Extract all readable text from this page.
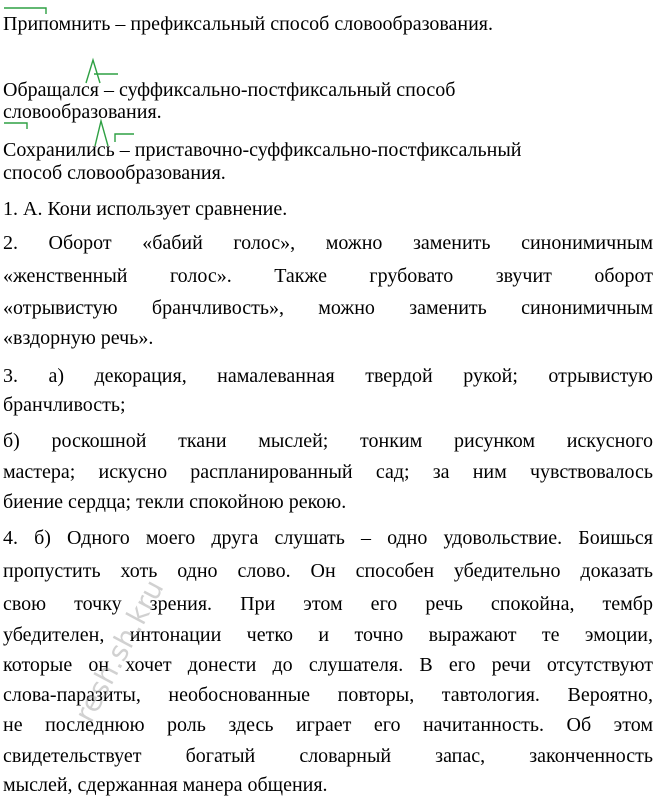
Припомнить – префиксальный способ словообразования.
Обращался – суффиксально-постфиксальный способ
словообразования.
Сохранились – приставочно-суффиксально-постфиксальный
способ словообразования.
1. А. Кони использует сравнение.
2. Оборот «бабий голос», можно заменить синонимичным
«женственный голос». Также грубовато звучит оборот
«отрывистую бранчливость», можно заменить синонимичным
«вздорную речь».
3. а) декорация, намалеванная твердой рукой; отрывистую
бранчливость;
б) роскошной ткани мыслей; тонким рисунком искусного
мастера; искусно распланированный сад; за ним чувствовалось
биение сердца; текли спокойною рекою.
4. б) Одного моего друга слушать – одно удовольствие. Боишься
пропустить хоть одно слово. Он способен убедительно доказать
свою точку зрения. При этом его речь спокойна, тембр
убедителен, интонации четко и точно выражают те эмоции,
которые он хочет донести до слушателя. В его речи отсутствуют
слова-паразиты, необоснованные повторы, тавтология. Вероятно,
не последнюю роль здесь играет его начитанность. Об этом
свидетельствует богатый словарный запас, законченность
мыслей, сдержанная манера общения.
resh.sh.kru
